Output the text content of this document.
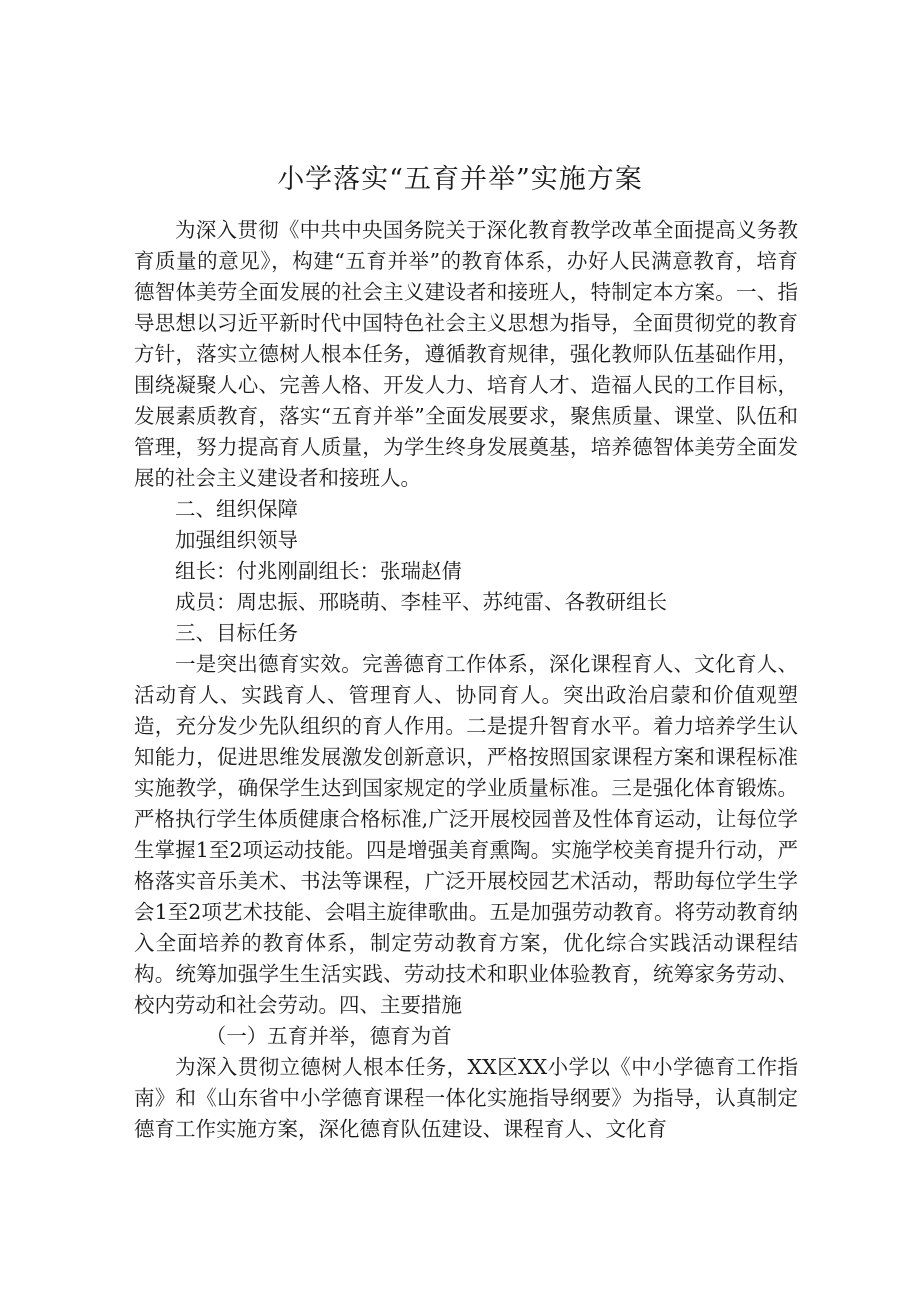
小学落实“五育并举”实施方案

为深入贯彻《中共中央国务院关于深化教育教学改革全面提高义务教育质量的意见》，构建“五育并举”的教育体系，办好人民满意教育，培育德智体美劳全面发展的社会主义建设者和接班人，特制定本方案。一、指导思想以习近平新时代中国特色社会主义思想为指导，全面贯彻党的教育方针，落实立德树人根本任务，遵循教育规律，强化教师队伍基础作用，围绕凝聚人心、完善人格、开发人力、培育人才、造福人民的工作目标，发展素质教育，落实“五育并举”全面发展要求，聚焦质量、课堂、队伍和管理，努力提高育人质量，为学生终身发展奠基，培养德智体美劳全面发展的社会主义建设者和接班人。

二、组织保障

加强组织领导

组长：付兆刚副组长：张瑞赵倩

成员：周忠振、邢晓萌、李桂平、苏纯雷、各教研组长

三、目标任务

一是突出德育实效。完善德育工作体系，深化课程育人、文化育人、活动育人、实践育人、管理育人、协同育人。突出政治启蒙和价值观塑造，充分发少先队组织的育人作用。二是提升智育水平。着力培养学生认知能力，促进思维发展激发创新意识，严格按照国家课程方案和课程标准实施教学，确保学生达到国家规定的学业质量标准。三是强化体育锻炼。严格执行学生体质健康合格标准,广泛开展校园普及性体育运动，让每位学生掌握1至2项运动技能。四是增强美育熏陶。实施学校美育提升行动，严格落实音乐美术、书法等课程，广泛开展校园艺术活动，帮助每位学生学会1至2项艺术技能、会唱主旋律歌曲。五是加强劳动教育。将劳动教育纳入全面培养的教育体系，制定劳动教育方案，优化综合实践活动课程结构。统筹加强学生生活实践、劳动技术和职业体验教育，统筹家务劳动、校内劳动和社会劳动。四、主要措施

（一）五育并举，德育为首

为深入贯彻立德树人根本任务，XX区XX小学以《中小学德育工作指南》和《山东省中小学德育课程一体化实施指导纲要》为指导，认真制定德育工作实施方案，深化德育队伍建设、课程育人、文化育
